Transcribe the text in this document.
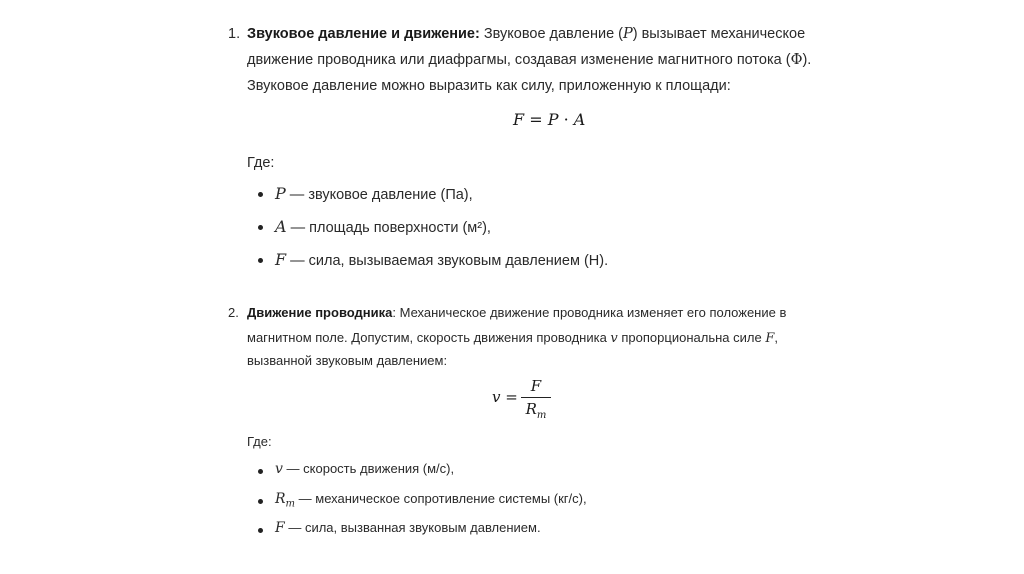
1. Звуковое давление и движение: Звуковое давление (P) вызывает механическое
движение проводника или диафрагмы, создавая изменение магнитного потока (Φ).
Звуковое давление можно выразить как силу, приложенную к площади:
F = P · A
Где:
P — звуковое давление (Па),
A — площадь поверхности (м²),
F — сила, вызываемая звуковым давлением (Н).
2. Движение проводника: Механическое движение проводника изменяет его положение в
магнитном поле. Допустим, скорость движения проводника v пропорциональна силе F,
вызванной звуковым давлением:
v =
F
$R_m$
Где:
v — скорость движения (м/с),
$R_m$ — механическое сопротивление системы (кг/с),
F — сила, вызванная звуковым давлением.
